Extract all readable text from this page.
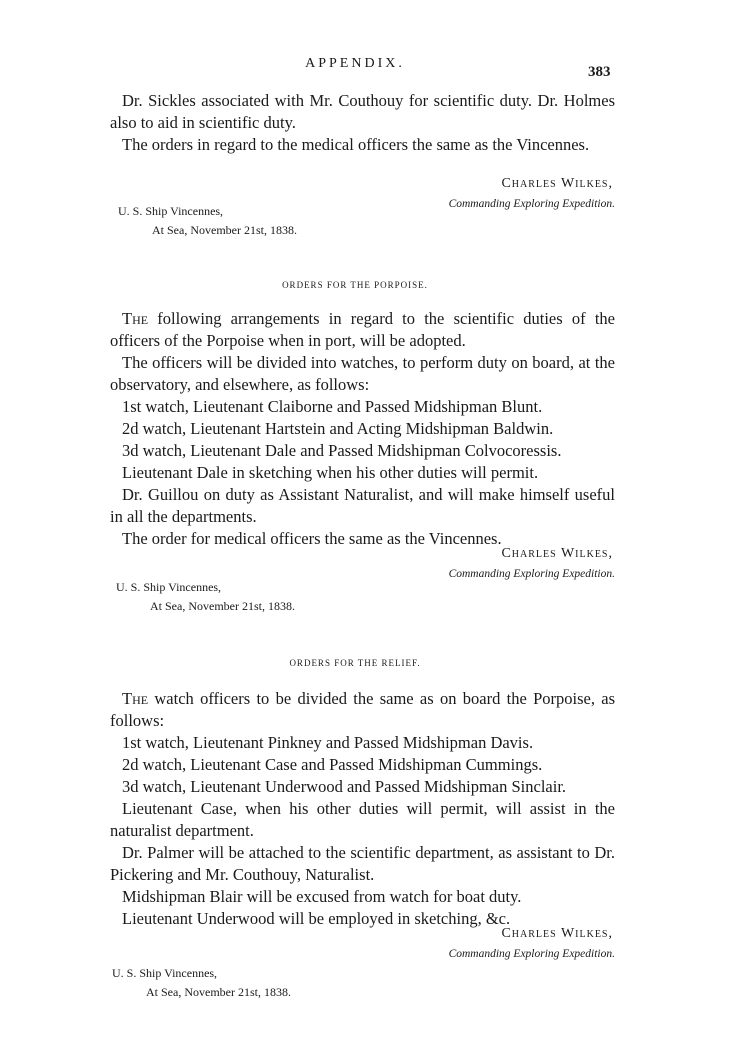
APPENDIX.
383

Dr. Sickles associated with Mr. Couthouy for scientific duty. Dr. Holmes also to aid in scientific duty.

The orders in regard to the medical officers the same as the Vincennes.

Charles Wilkes,
Commanding Exploring Expedition.
U. S. Ship Vincennes,
At Sea, November 21st, 1838.
ORDERS FOR THE PORPOISE.

The following arrangements in regard to the scientific duties of the officers of the Porpoise when in port, will be adopted.

The officers will be divided into watches, to perform duty on board, at the observatory, and elsewhere, as follows:

1st watch, Lieutenant Claiborne and Passed Midshipman Blunt.

2d watch, Lieutenant Hartstein and Acting Midshipman Baldwin.

3d watch, Lieutenant Dale and Passed Midshipman Colvocoressis.

Lieutenant Dale in sketching when his other duties will permit.

Dr. Guillou on duty as Assistant Naturalist, and will make himself useful in all the departments.

The order for medical officers the same as the Vincennes.

Charles Wilkes,
Commanding Exploring Expedition.
U. S. Ship Vincennes,
At Sea, November 21st, 1838.
ORDERS FOR THE RELIEF.

The watch officers to be divided the same as on board the Porpoise, as follows:

1st watch, Lieutenant Pinkney and Passed Midshipman Davis.

2d watch, Lieutenant Case and Passed Midshipman Cummings.

3d watch, Lieutenant Underwood and Passed Midshipman Sinclair.

Lieutenant Case, when his other duties will permit, will assist in the naturalist department.

Dr. Palmer will be attached to the scientific department, as assistant to Dr. Pickering and Mr. Couthouy, Naturalist.

Midshipman Blair will be excused from watch for boat duty.

Lieutenant Underwood will be employed in sketching, &c.

Charles Wilkes,
Commanding Exploring Expedition.
U. S. Ship Vincennes,
At Sea, November 21st, 1838.
